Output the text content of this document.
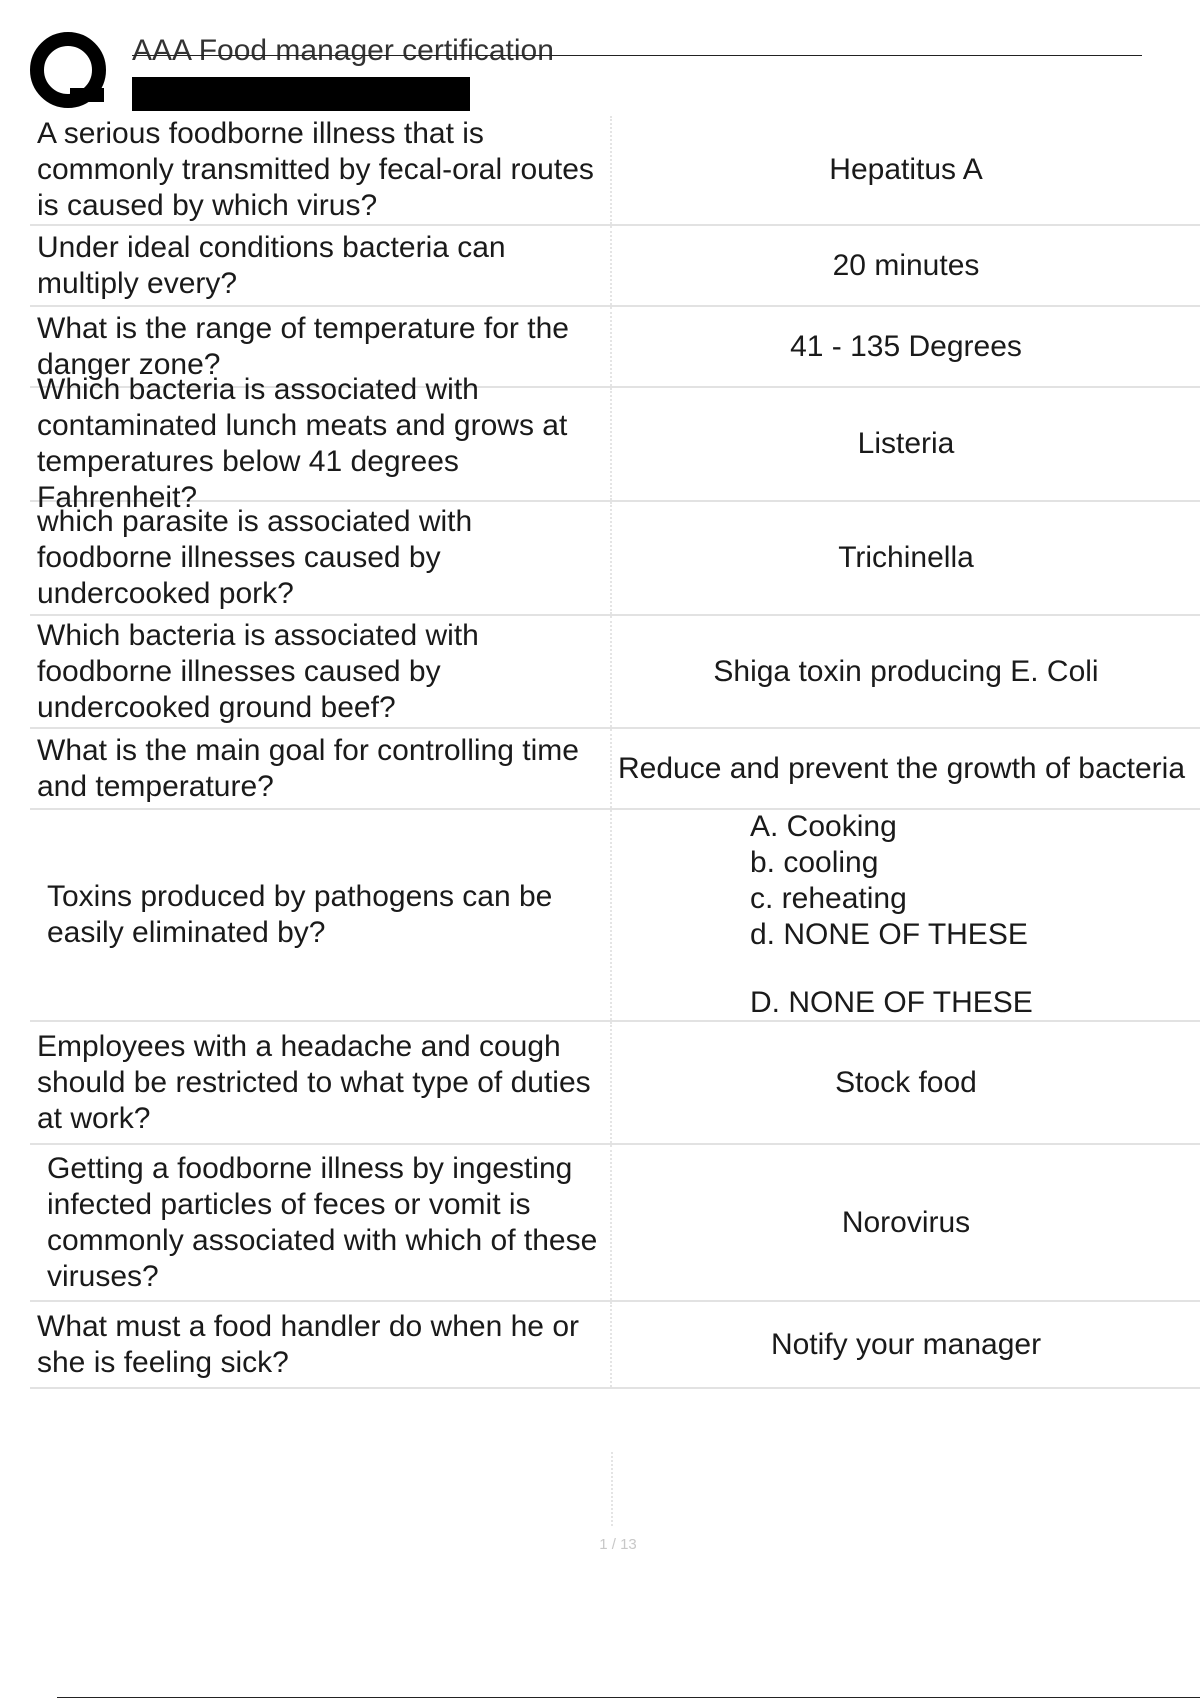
AAA Food manager certification
A serious foodborne illness that is commonly transmitted by fecal-oral routes is caused by which virus?
Hepatitus A
Under ideal conditions bacteria can multiply every?
20 minutes
What is the range of temperature for the danger zone?
41 - 135 Degrees
Which bacteria is associated with contaminated lunch meats and grows at temperatures below 41 degrees Fahrenheit?
Listeria
which parasite is associated with foodborne illnesses caused by undercooked pork?
Trichinella
Which bacteria is associated with foodborne illnesses caused by undercooked ground beef?
Shiga toxin producing E. Coli
What is the main goal for controlling time and temperature?
Reduce and prevent the growth of bacteria
Toxins produced by pathogens can be easily eliminated by?
A. Cooking
b. cooling
c. reheating
d. NONE OF THESE
D. NONE OF THESE
Employees with a headache and cough should be restricted to what type of duties at work?
Stock food
Getting a foodborne illness by ingesting infected particles of feces or vomit is commonly associated with which of these viruses?
Norovirus
What must a food handler do when he or she is feeling sick?
Notify your manager
1 / 13
